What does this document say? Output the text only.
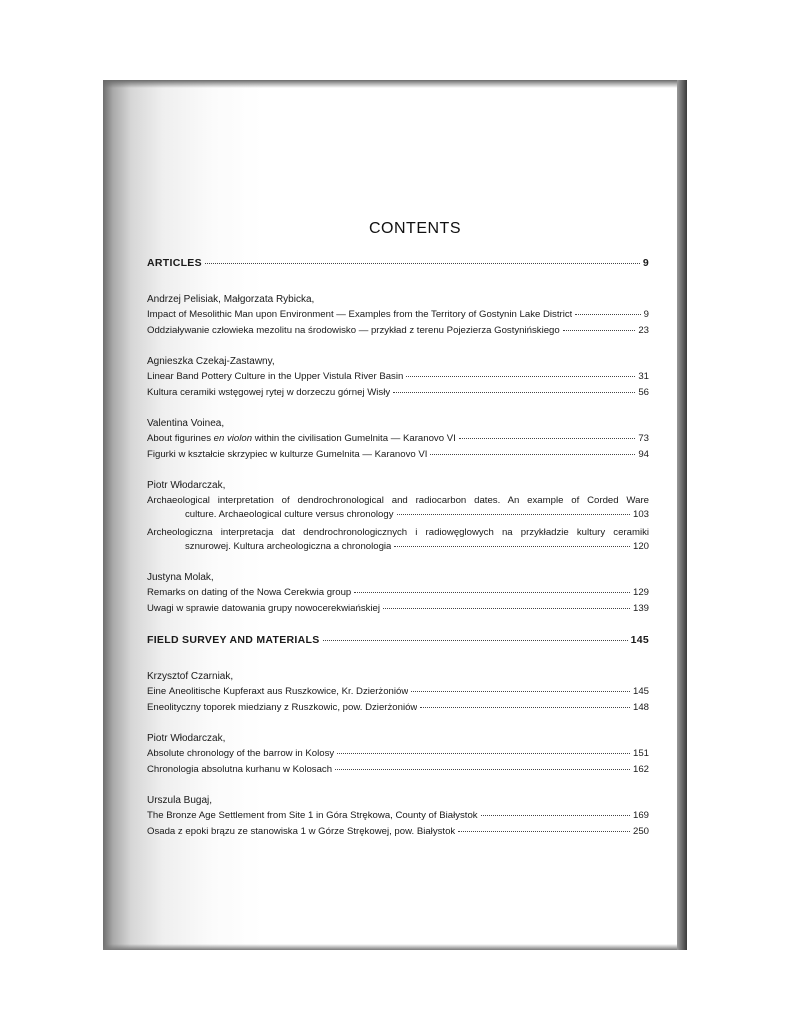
CONTENTS
ARTICLES	9
Andrzej Pelisiak, Małgorzata Rybicka,
Impact of Mesolithic Man upon Environment — Examples from the Territory of Gostynin Lake District	9
Oddziaływanie człowieka mezolitu na środowisko — przykład z terenu Pojezierza Gostynińskiego	23
Agnieszka Czekaj-Zastawny,
Linear Band Pottery Culture in the Upper Vistula River Basin	31
Kultura ceramiki wstęgowej rytej w dorzeczu górnej Wisły	56
Valentina Voinea,
About figurines en violon within the civilisation Gumelnita — Karanovo VI	73
Figurki w kształcie skrzypiec w kulturze Gumelnita — Karanovo VI	94
Piotr Włodarczak,
Archaeological interpretation of dendrochronological and radiocarbon dates. An example of Corded Ware
culture. Archaeological culture versus chronology	103
Archeologiczna interpretacja dat dendrochronologicznych i radiowęglowych na przykładzie kultury ceramiki
sznurowej. Kultura archeologiczna a chronologia	120
Justyna Molak,
Remarks on dating of the Nowa Cerekwia group	129
Uwagi w sprawie datowania grupy nowocerekwiańskiej	139
FIELD SURVEY AND MATERIALS	145
Krzysztof Czarniak,
Eine Äneolitische Kupferaxt aus Ruszkowice, Kr. Dzierżoniów	145
Eneolityczny toporek miedziany z Ruszkowic, pow. Dzierżoniów	148
Piotr Włodarczak,
Absolute chronology of the barrow in Kolosy	151
Chronologia absolutna kurhanu w Kolosach	162
Urszula Bugaj,
The Bronze Age Settlement from Site 1 in Góra Strękowa, County of Białystok	169
Osada z epoki brązu ze stanowiska 1 w Górze Strękowej, pow. Białystok	250
